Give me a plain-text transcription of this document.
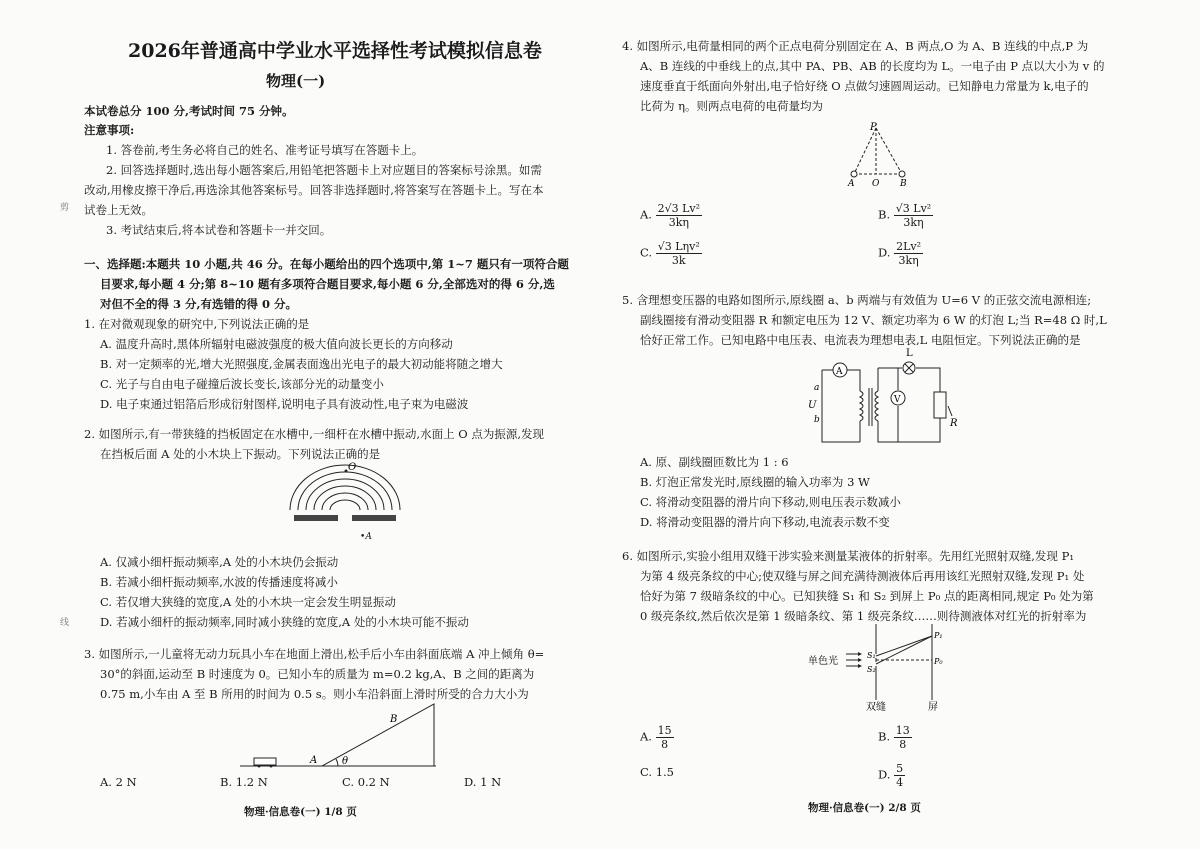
2026年普通高中学业水平选择性考试模拟信息卷
物理(一)
本试卷总分 100 分,考试时间 75 分钟。
注意事项:
1. 答卷前,考生务必将自己的姓名、准考证号填写在答题卡上。
2. 回答选择题时,选出每小题答案后,用铅笔把答题卡上对应题目的答案标号涂黑。如需
改动,用橡皮擦干净后,再选涂其他答案标号。回答非选择题时,将答案写在答题卡上。写在本
试卷上无效。
3. 考试结束后,将本试卷和答题卡一并交回。
一、选择题:本题共 10 小题,共 46 分。在每小题给出的四个选项中,第 1~7 题只有一项符合题
目要求,每小题 4 分;第 8~10 题有多项符合题目要求,每小题 6 分,全部选对的得 6 分,选
对但不全的得 3 分,有选错的得 0 分。
1. 在对微观现象的研究中,下列说法正确的是
A. 温度升高时,黑体所辐射电磁波强度的极大值向波长更长的方向移动
B. 对一定频率的光,增大光照强度,金属表面逸出光电子的最大初动能将随之增大
C. 光子与自由电子碰撞后波长变长,该部分光的动量变小
D. 电子束通过铝箔后形成衍射图样,说明电子具有波动性,电子束为电磁波
2. 如图所示,有一带狭缝的挡板固定在水槽中,一细杆在水槽中振动,水面上 O 点为振源,发现
在挡板后面 A 处的小木块上下振动。下列说法正确的是
O
•A
A. 仅减小细杆振动频率,A 处的小木块仍会振动
B. 若减小细杆振动频率,水波的传播速度将减小
C. 若仅增大狭缝的宽度,A 处的小木块一定会发生明显振动
D. 若减小细杆的振动频率,同时减小狭缝的宽度,A 处的小木块可能不振动
3. 如图所示,一儿童将无动力玩具小车在地面上滑出,松手后小车由斜面底端 A 冲上倾角 θ=
30°的斜面,运动至 B 时速度为 0。已知小车的质量为 m=0.2 kg,A、B 之间的距离为
0.75 m,小车由 A 至 B 所用的时间为 0.5 s。则小车沿斜面上滑时所受的合力大小为
A
B
θ
A. 2 N	B. 1.2 N	C. 0.2 N	D. 1 N
物理·信息卷(一) 1/8 页
剪
线
4. 如图所示,电荷量相同的两个正点电荷分别固定在 A、B 两点,O 为 A、B 连线的中点,P 为
A、B 连线的中垂线上的点,其中 PA、PB、AB 的长度均为 L。一电子由 P 点以大小为 v 的
速度垂直于纸面向外射出,电子恰好绕 O 点做匀速圆周运动。已知静电力常量为 k,电子的
比荷为 η。则两点电荷的电荷量均为
P
A O B
A. $\frac{\text{2√3 Lv²}}{3k\eta}$	B. $\frac{\text{√3 Lv²}}{3k\eta}$
C. $\frac{\text{√3 Lηv²}}{3k}$	D. $\frac{\text{2Lv²}}{3k\eta}$
5. 含理想变压器的电路如图所示,原线圈 a、b 两端与有效值为 U=6 V 的正弦交流电源相连;
副线圈接有滑动变阻器 R 和额定电压为 12 V、额定功率为 6 W 的灯泡 L;当 R=48 Ω 时,L
恰好正常工作。已知电路中电压表、电流表为理想电表,L 电阻恒定。下列说法正确的是
A
V
L
a
U
b	R
A. 原、副线圈匝数比为 1 : 6
B. 灯泡正常发光时,原线圈的输入功率为 3 W
C. 将滑动变阻器的滑片向下移动,则电压表示数减小
D. 将滑动变阻器的滑片向下移动,电流表示数不变
6. 如图所示,实验小组用双缝干涉实验来测量某液体的折射率。先用红光照射双缝,发现 P₁
为第 4 级亮条纹的中心;使双缝与屏之间充满待测液体后再用该红光照射双缝,发现 P₁ 处
恰好为第 7 级暗条纹的中心。已知狭缝 S₁ 和 S₂ 到屏上 P₀ 点的距离相同,规定 P₀ 处为第
0 级亮条纹,然后依次是第 1 级暗条纹、第 1 级亮条纹……则待测液体对红光的折射率为
单色光
S₁
S₂
P₁
P₀
双缝	屏
A. $\frac{15}{8}$	B. $\frac{13}{8}$
C. 1.5	D. $\frac{5}{4}$
物理·信息卷(一) 2/8 页
